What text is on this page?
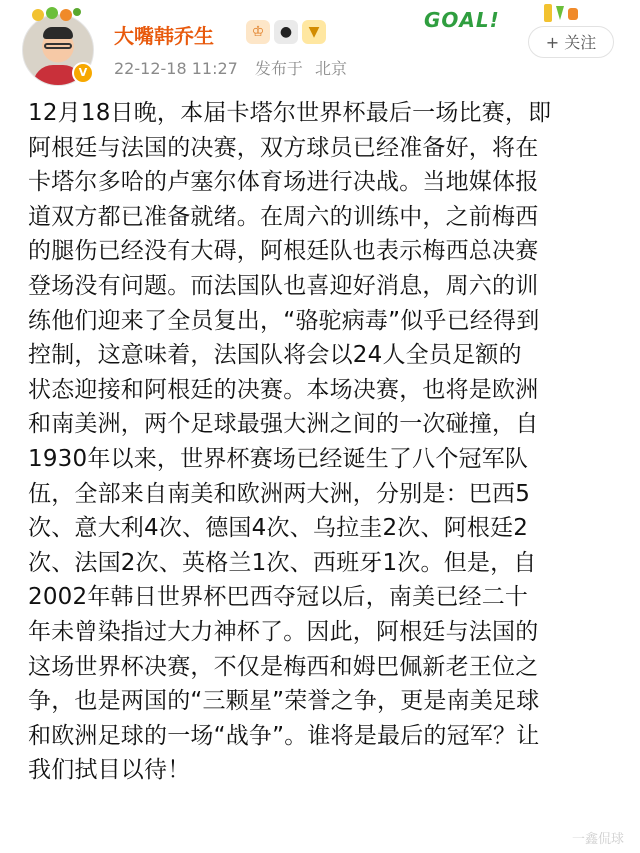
V
大嘴韩乔生	♔	●	▼
22-12-18 11:27 发布于 北京
GOAL!
+ 关注
12月18日晚，本届卡塔尔世界杯最后一场比赛，即
阿根廷与法国的决赛，双方球员已经准备好，将在
卡塔尔多哈的卢塞尔体育场进行决战。当地媒体报
道双方都已准备就绪。在周六的训练中，之前梅西
的腿伤已经没有大碍，阿根廷队也表示梅西总决赛
登场没有问题。而法国队也喜迎好消息，周六的训
练他们迎来了全员复出，“骆驼病毒”似乎已经得到
控制，这意味着，法国队将会以24人全员足额的
状态迎接和阿根廷的决赛。本场决赛，也将是欧洲
和南美洲，两个足球最强大洲之间的一次碰撞，自
1930年以来，世界杯赛场已经诞生了八个冠军队
伍，全部来自南美和欧洲两大洲，分别是：巴西5
次、意大利4次、德国4次、乌拉圭2次、阿根廷2
次、法国2次、英格兰1次、西班牙1次。但是，自
2002年韩日世界杯巴西夺冠以后，南美已经二十
年未曾染指过大力神杯了。因此，阿根廷与法国的
这场世界杯决赛，不仅是梅西和姆巴佩新老王位之
争，也是两国的“三颗星”荣誉之争，更是南美足球
和欧洲足球的一场“战争”。谁将是最后的冠军？让
我们拭目以待！
一鑫侃球
